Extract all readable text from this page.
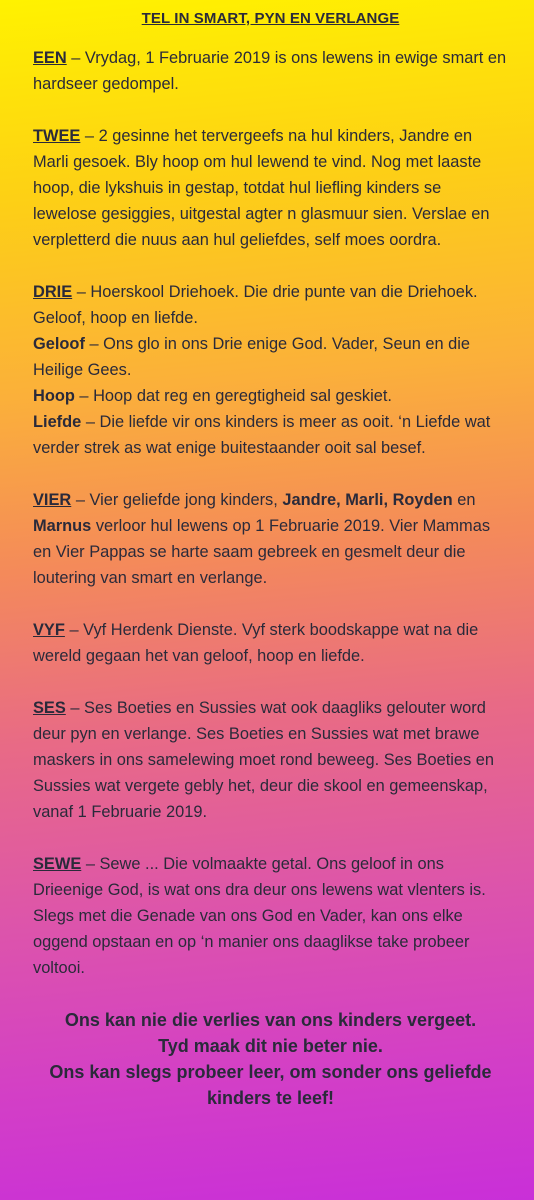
TEL IN SMART, PYN EN VERLANGE

EEN – Vrydag, 1 Februarie 2019 is ons lewens in ewige smart en hardseer gedompel.

TWEE – 2 gesinne het tervergeefs na hul kinders, Jandre en Marli gesoek. Bly hoop om hul lewend te vind. Nog met laaste hoop, die lykshuis in gestap, totdat hul liefling kinders se lewelose gesiggies, uitgestal agter n glasmuur sien. Verslae en verpletterd die nuus aan hul geliefdes, self moes oordra.

DRIE – Hoerskool Driehoek. Die drie punte van die Driehoek. Geloof, hoop en liefde.

Geloof – Ons glo in ons Drie enige God. Vader, Seun en die Heilige Gees.

Hoop – Hoop dat reg en geregtigheid sal geskiet.

Liefde – Die liefde vir ons kinders is meer as ooit. ‘n Liefde wat verder strek as wat enige buitestaander ooit sal besef.

VIER – Vier geliefde jong kinders, Jandre, Marli, Royden en Marnus verloor hul lewens op 1 Februarie 2019. Vier Mammas en Vier Pappas se harte saam gebreek en gesmelt deur die loutering van smart en verlange.

VYF – Vyf Herdenk Dienste. Vyf sterk boodskappe wat na die wereld gegaan het van geloof, hoop en liefde.

SES – Ses Boeties en Sussies wat ook daagliks gelouter word deur pyn en verlange. Ses Boeties en Sussies wat met brawe maskers in ons samelewing moet rond beweeg. Ses Boeties en Sussies wat vergete gebly het, deur die skool en gemeenskap, vanaf 1 Februarie 2019.

SEWE – Sewe ... Die volmaakte getal. Ons geloof in ons Drieenige God, is wat ons dra deur ons lewens wat vlenters is. Slegs met die Genade van ons God en Vader, kan ons elke oggend opstaan en op ‘n manier ons daaglikse take probeer voltooi.

Ons kan nie die verlies van ons kinders vergeet.

Tyd maak dit nie beter nie.

Ons kan slegs probeer leer, om sonder ons geliefde kinders te leef!
